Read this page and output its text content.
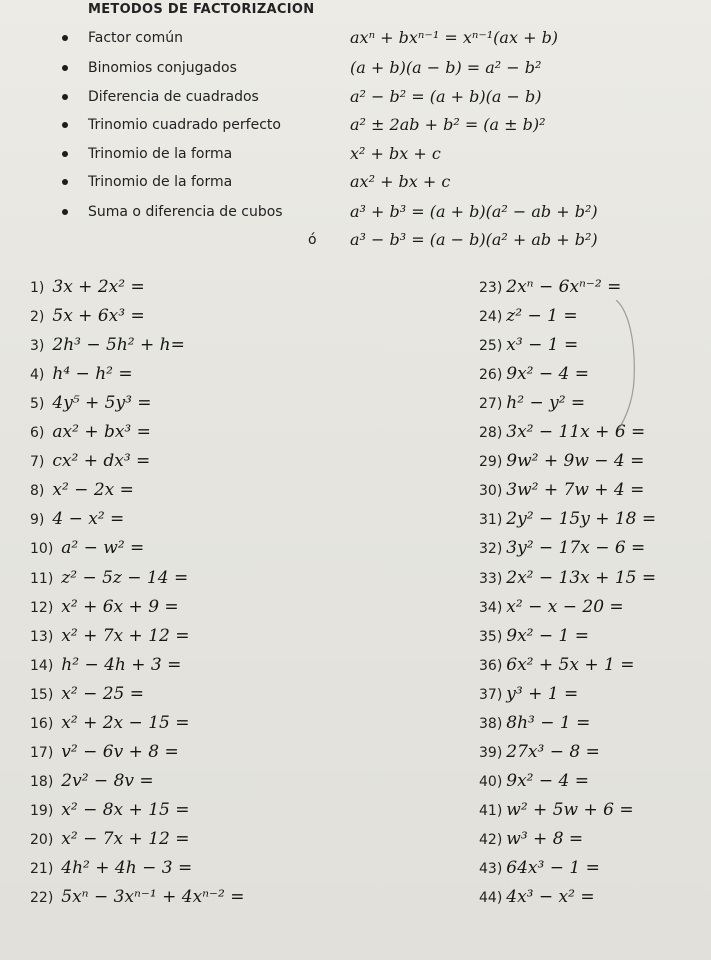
METODOS DE FACTORIZACION
Factor común	axⁿ + bxⁿ⁻¹ = xⁿ⁻¹(ax + b)
Binomios conjugados	(a + b)(a − b) = a² − b²
Diferencia de cuadrados	a² − b² = (a + b)(a − b)
Trinomio cuadrado perfecto	a² ± 2ab + b² = (a ± b)²
Trinomio de la forma	x² + bx + c
Trinomio de la forma	ax² + bx + c
Suma o diferencia de cubos	a³ + b³ = (a + b)(a² − ab + b²)
ó a³ − b³ = (a − b)(a² + ab + b²)
1) 3x + 2x² =
2) 5x + 6x³ =
3) 2h³ − 5h² + h=
4) h⁴ − h² =
5) 4y⁵ + 5y³ =
6) ax² + bx³ =
7) cx² + dx³ =
8) x² − 2x =
9) 4 − x² =
10) a² − w² =
11) z² − 5z − 14 =
12) x² + 6x + 9 =
13) x² + 7x + 12 =
14) h² − 4h + 3 =
15) x² − 25 =
16) x² + 2x − 15 =
17) v² − 6v + 8 =
18) 2v² − 8v =
19) x² − 8x + 15 =
20) x² − 7x + 12 =
21) 4h² + 4h − 3 =
22) 5xⁿ − 3xⁿ⁻¹ + 4xⁿ⁻² =
23) 2xⁿ − 6xⁿ⁻² =
24) z² − 1 =
25) x³ − 1 =
26) 9x² − 4 =
27) h² − y² =
28) 3x² − 11x + 6 =
29) 9w² + 9w − 4 =
30) 3w² + 7w + 4 =
31) 2y² − 15y + 18 =
32) 3y² − 17x − 6 =
33) 2x² − 13x + 15 =
34) x² − x − 20 =
35) 9x² − 1 =
36) 6x² + 5x + 1 =
37) y³ + 1 =
38) 8h³ − 1 =
39) 27x³ − 8 =
40) 9x² − 4 =
41) w² + 5w + 6 =
42) w³ + 8 =
43) 64x³ − 1 =
44) 4x³ − x² =
